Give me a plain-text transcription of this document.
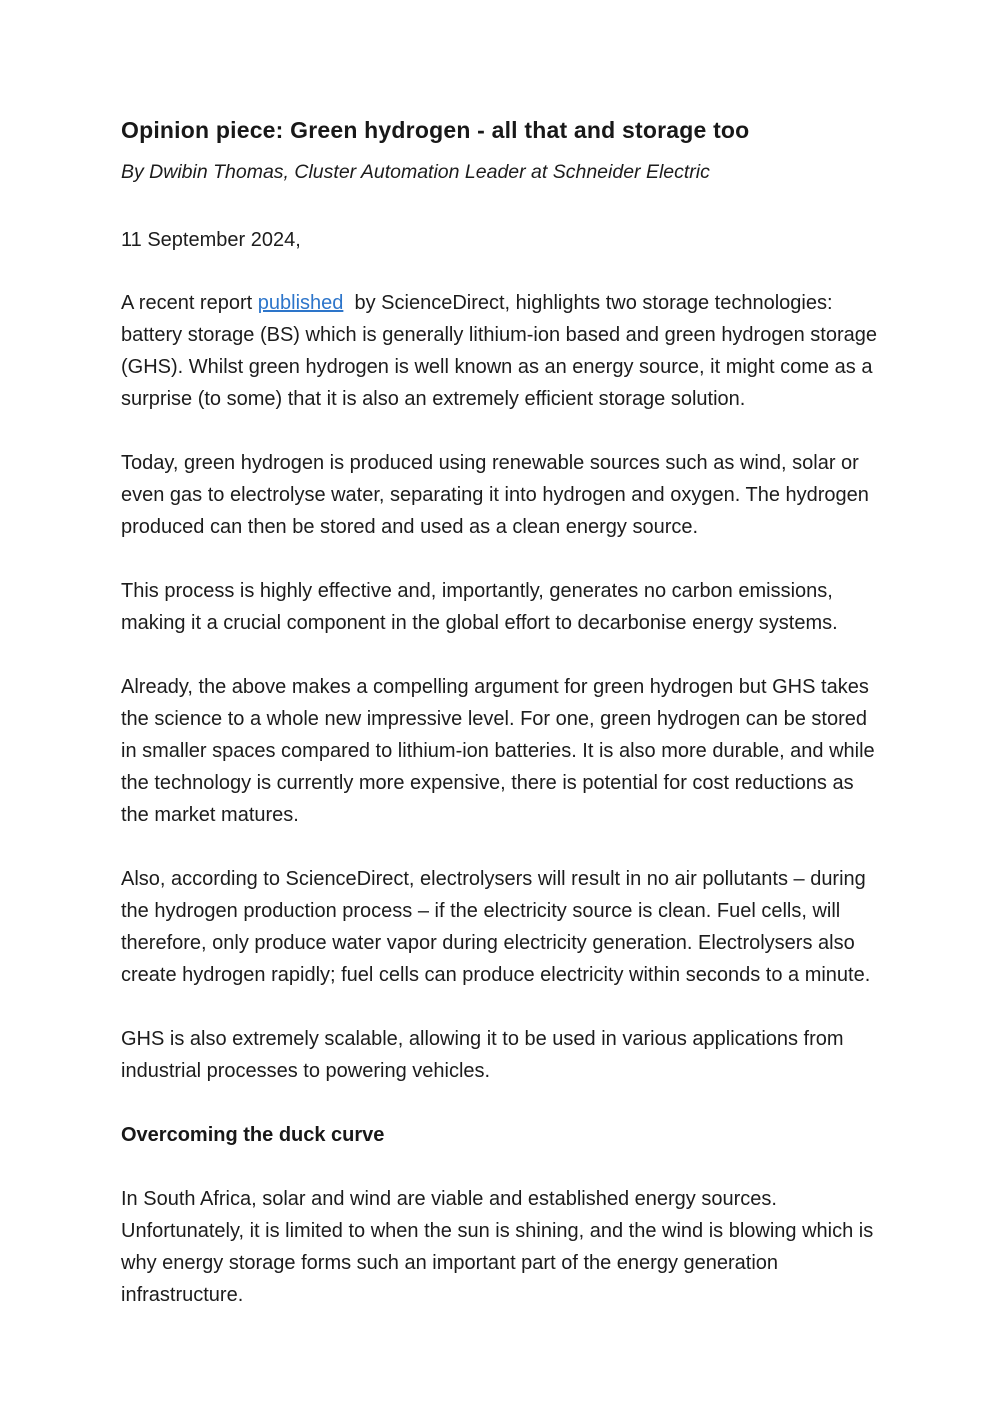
Opinion piece: Green hydrogen - all that and storage too

By Dwibin Thomas, Cluster Automation Leader at Schneider Electric

11 September 2024,

A recent report published  by ScienceDirect, highlights two storage technologies: battery storage (BS) which is generally lithium-ion based and green hydrogen storage (GHS). Whilst green hydrogen is well known as an energy source, it might come as a surprise (to some) that it is also an extremely efficient storage solution.

Today, green hydrogen is produced using renewable sources such as wind, solar or even gas to electrolyse water, separating it into hydrogen and oxygen. The hydrogen produced can then be stored and used as a clean energy source.

This process is highly effective and, importantly, generates no carbon emissions, making it a crucial component in the global effort to decarbonise energy systems.

Already, the above makes a compelling argument for green hydrogen but GHS takes the science to a whole new impressive level. For one, green hydrogen can be stored in smaller spaces compared to lithium-ion batteries. It is also more durable, and while the technology is currently more expensive, there is potential for cost reductions as the market matures.

Also, according to ScienceDirect, electrolysers will result in no air pollutants – during the hydrogen production process – if the electricity source is clean. Fuel cells, will therefore, only produce water vapor during electricity generation. Electrolysers also create hydrogen rapidly; fuel cells can produce electricity within seconds to a minute.

GHS is also extremely scalable, allowing it to be used in various applications from industrial processes to powering vehicles.

Overcoming the duck curve

In South Africa, solar and wind are viable and established energy sources. Unfortunately, it is limited to when the sun is shining, and the wind is blowing which is why energy storage forms such an important part of the energy generation infrastructure.
